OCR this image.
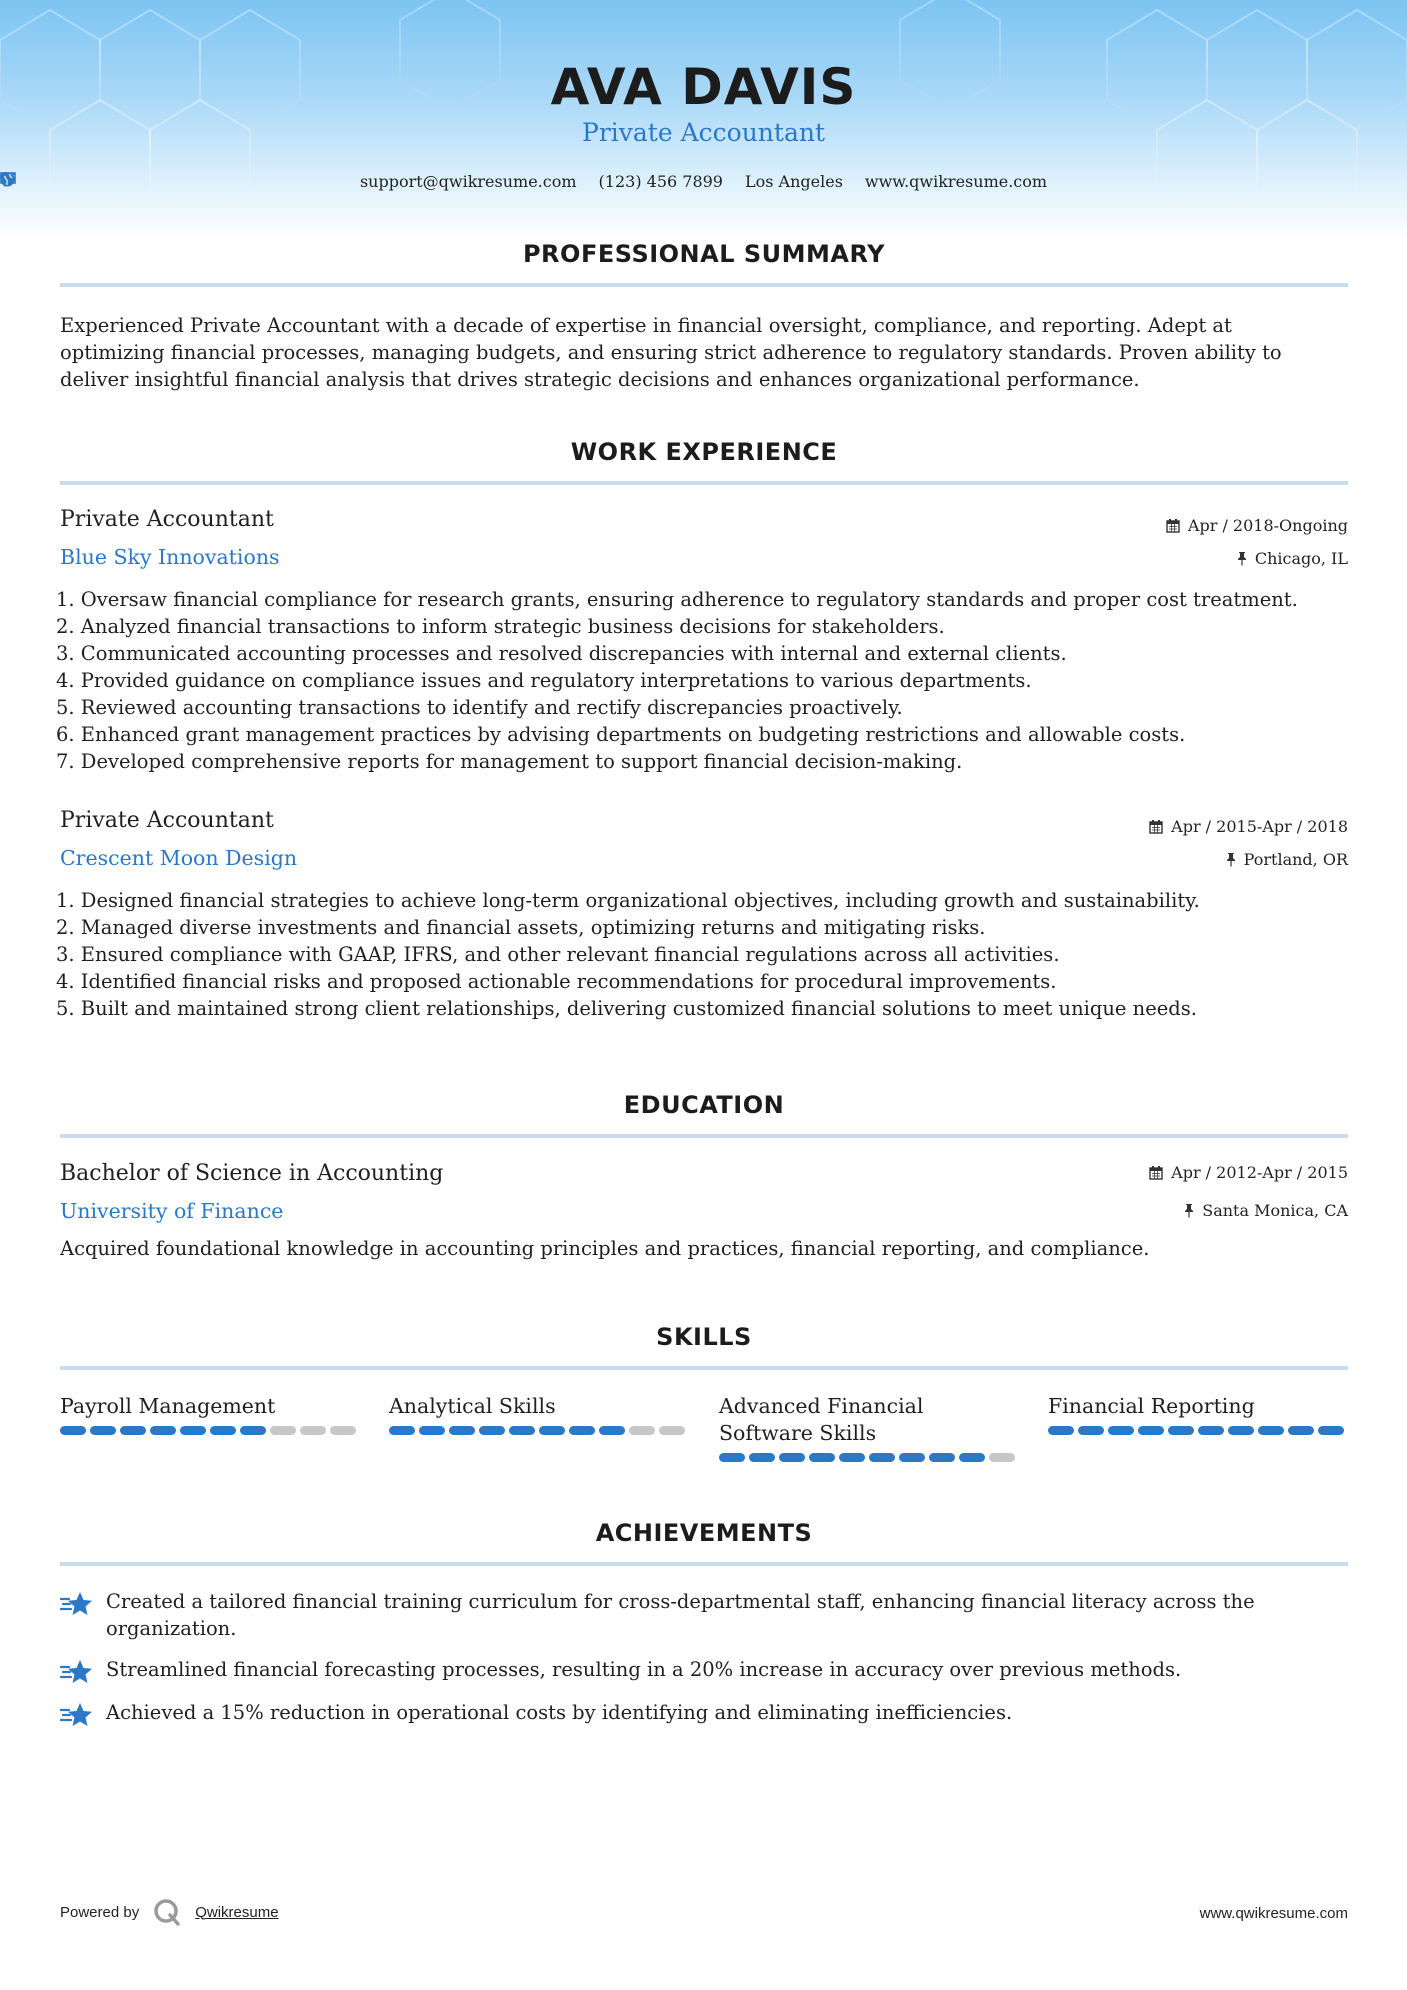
AVA DAVIS
Private Accountant
support@qwikresume.com (123) 456 7899 Los Angeles www.qwikresume.com
PROFESSIONAL SUMMARY
Experienced Private Accountant with a decade of expertise in financial oversight, compliance, and reporting. Adept at
optimizing financial processes, managing budgets, and ensuring strict adherence to regulatory standards. Proven ability to
deliver insightful financial analysis that drives strategic decisions and enhances organizational performance.
WORK EXPERIENCE
Private Accountant
Blue Sky Innovations
Apr / 2018-Ongoing
Chicago, IL
1. Oversaw financial compliance for research grants, ensuring adherence to regulatory standards and proper cost treatment.
2. Analyzed financial transactions to inform strategic business decisions for stakeholders.
3. Communicated accounting processes and resolved discrepancies with internal and external clients.
4. Provided guidance on compliance issues and regulatory interpretations to various departments.
5. Reviewed accounting transactions to identify and rectify discrepancies proactively.
6. Enhanced grant management practices by advising departments on budgeting restrictions and allowable costs.
7. Developed comprehensive reports for management to support financial decision-making.
Private Accountant
Crescent Moon Design
Apr / 2015-Apr / 2018
Portland, OR
1. Designed financial strategies to achieve long-term organizational objectives, including growth and sustainability.
2. Managed diverse investments and financial assets, optimizing returns and mitigating risks.
3. Ensured compliance with GAAP, IFRS, and other relevant financial regulations across all activities.
4. Identified financial risks and proposed actionable recommendations for procedural improvements.
5. Built and maintained strong client relationships, delivering customized financial solutions to meet unique needs.
EDUCATION
Bachelor of Science in Accounting
University of Finance
Apr / 2012-Apr / 2015
Santa Monica, CA
Acquired foundational knowledge in accounting principles and practices, financial reporting, and compliance.
SKILLS
Payroll Management	Analytical Skills	Advanced Financial Software Skills
Financial Reporting
ACHIEVEMENTS
Created a tailored financial training curriculum for cross-departmental staff, enhancing financial literacy across the
organization.
Streamlined financial forecasting processes, resulting in a 20% increase in accuracy over previous methods.
Achieved a 15% reduction in operational costs by identifying and eliminating inefficiencies.
Powered by	Qwikresume	www.qwikresume.com
